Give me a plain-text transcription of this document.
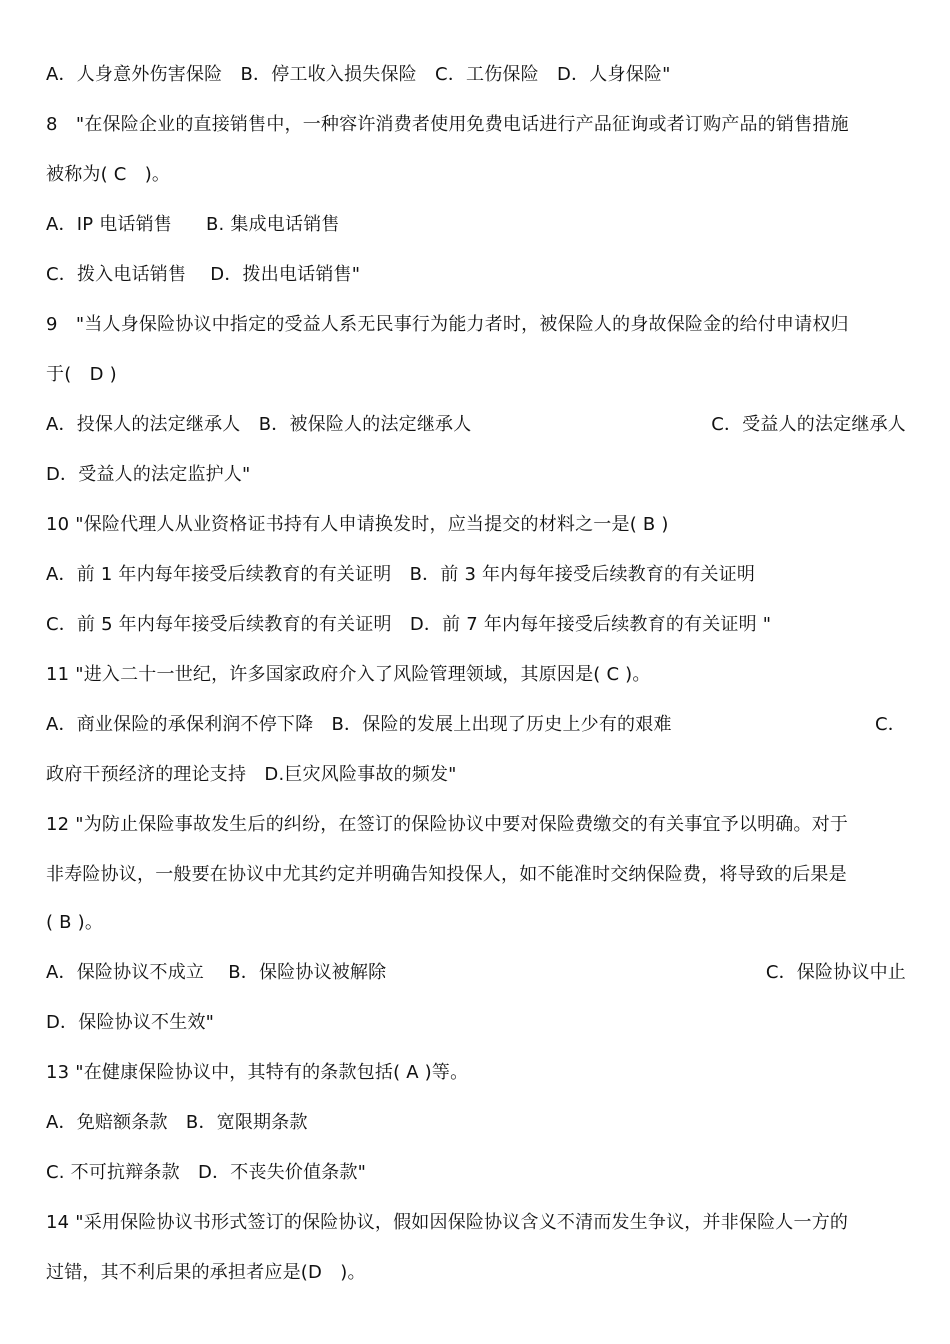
A．人身意外伤害保险　B．停工收入损失保险　C．工伤保险　D．人身保险"
8　"在保险企业的直接销售中，一种容许消费者使用免费电话进行产品征询或者订购产品的销售措施
被称为( C　)。
A．IP 电话销售 B. 集成电话销售
C．拨入电话销售　 D．拨出电话销售"
9　"当人身保险协议中指定的受益人系无民事行为能力者时，被保险人的身故保险金的给付申请权归
于(　D )
A．投保人的法定继承人　B．被保险人的法定继承人	C．受益人的法定继承人
D．受益人的法定监护人"
10 "保险代理人从业资格证书持有人申请换发时，应当提交的材料之一是( B )
A．前 1 年内每年接受后续教育的有关证明　B．前 3 年内每年接受后续教育的有关证明
C．前 5 年内每年接受后续教育的有关证明　D．前 7 年内每年接受后续教育的有关证明 "
11 "进入二十一世纪，许多国家政府介入了风险管理领域，其原因是( C )。
A．商业保险的承保利润不停下降　B．保险的发展上出现了历史上少有的艰难	C．
政府干预经济的理论支持　D.巨灾风险事故的频发"
12 "为防止保险事故发生后的纠纷，在签订的保险协议中要对保险费缴交的有关事宜予以明确。对于
非寿险协议，一般要在协议中尤其约定并明确告知投保人，如不能准时交纳保险费，将导致的后果是
( B )。
A．保险协议不成立　 B．保险协议被解除	C．保险协议中止
D．保险协议不生效"
13 "在健康保险协议中，其特有的条款包括( A )等。
A．免赔额条款　B．宽限期条款
C. 不可抗辩条款　D．不丧失价值条款"
14 "采用保险协议书形式签订的保险协议，假如因保险协议含义不清而发生争议，并非保险人一方的
过错，其不利后果的承担者应是(D　)。
